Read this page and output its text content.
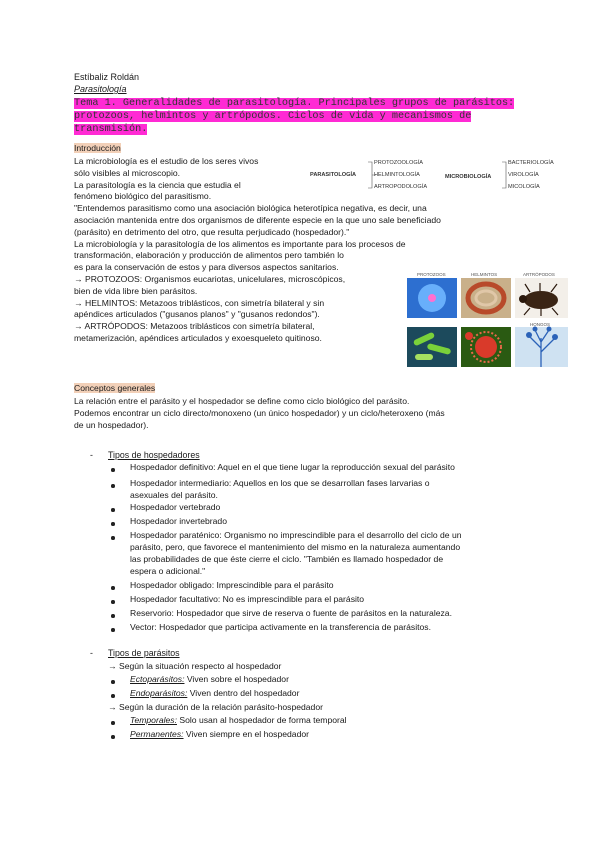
Estíbaliz Roldán
Parasitología
Tema 1. Generalidades de parasitología. Principales grupos de parásitos:
protozoos, helmintos y artrópodos. Ciclos de vida y mecanismos de
transmisión.
Introducción
La microbiología es el estudio de los seres vivos
sólo visibles al microscopio.
La parasitología es la ciencia que estudia el
fenómeno biológico del parasitismo.
"Entendemos parasitismo como una asociación biológica heterotípica negativa, es decir, una
asociación mantenida entre dos organismos de diferente especie en la que uno sale beneficiado
(parásito) en detrimento del otro, que resulta perjudicado (hospedador)."
La microbiología y la parasitología de los alimentos es importante para los procesos de
transformación, elaboración y producción de alimentos pero también lo
es para la conservación de estos y para diversos aspectos sanitarios.
→ PROTOZOOS: Organismos eucariotas, unicelulares, microscópicos,
bien de vida libre bien parásitos.
→ HELMINTOS: Metazoos triblásticos, con simetría bilateral y sin
apéndices articulados ("gusanos planos" y "gusanos redondos").
→ ARTRÓPODOS: Metazoos triblásticos con simetría bilateral,
metamerización, apéndices articulados y exoesqueleto quitinoso.
PARASITOLOGÍA
PROTOZOOLOGÍA
HELMINTOLOGÍA
ARTROPODOLOGÍA
MICROBIOLOGÍA
BACTERIOLOGÍA
VIROLOGÍA
MICOLOGÍA
PROTOZOOS	HELMINTOS	ARTRÓPODOS
BACTERIAS	VIRUS	HONGOS
Conceptos generales
La relación entre el parásito y el hospedador se define como ciclo biológico del parásito.
Podemos encontrar un ciclo directo/monoxeno (un único hospedador) y un ciclo/heteroxeno (más
de un hospedador).
- Tipos de hospedadores
Hospedador definitivo: Aquel en el que tiene lugar la reproducción sexual del parásito
Hospedador intermediario: Aquellos en los que se desarrollan fases larvarias o
asexuales del parásito.
Hospedador vertebrado
Hospedador invertebrado
Hospedador paraténico: Organismo no imprescindible para el desarrollo del ciclo de un
parásito, pero, que favorece el mantenimiento del mismo en la naturaleza aumentando
las probabilidades de que éste cierre el ciclo. "También es llamado hospedador de
espera o adicional."
Hospedador obligado: Imprescindible para el parásito
Hospedador facultativo: No es imprescindible para el parásito
Reservorio: Hospedador que sirve de reserva o fuente de parásitos en la naturaleza.
Vector: Hospedador que participa activamente en la transferencia de parásitos.
- Tipos de parásitos
→ Según la situación respecto al hospedador
Ectoparásitos: Viven sobre el hospedador
Endoparásitos: Viven dentro del hospedador
→ Según la duración de la relación parásito-hospedador
Temporales: Solo usan al hospedador de forma temporal
Permanentes: Viven siempre en el hospedador
